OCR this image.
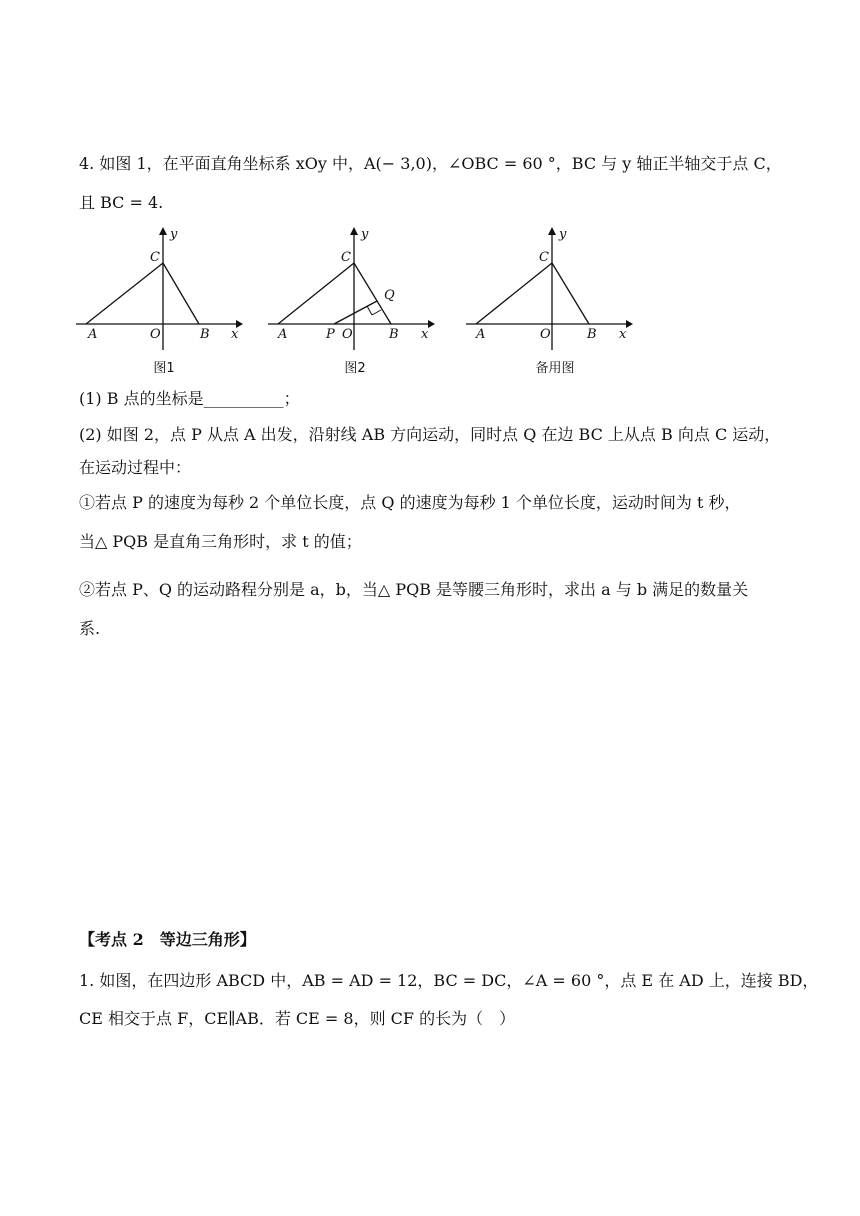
4. 如图 1，在平面直角坐标系 xOy 中，A(− 3,0)，∠OBC = 60 °，BC 与 y 轴正半轴交于点 C，
且 BC = 4.
y
C
A	O	B x
图1
y
C
Q
A	P O	B x
图2
y
C
A	O	B x
备用图
(1) B 点的坐标是__________；
(2) 如图 2，点 P 从点 A 出发，沿射线 AB 方向运动，同时点 Q 在边 BC 上从点 B 向点 C 运动，
在运动过程中：
①若点 P 的速度为每秒 2 个单位长度，点 Q 的速度为每秒 1 个单位长度，运动时间为 t 秒，
当△ PQB 是直角三角形时，求 t 的值；
②若点 P、Q 的运动路程分别是 a，b，当△ PQB 是等腰三角形时，求出 a 与 b 满足的数量关
系.
【考点 2　等边三角形】
1. 如图，在四边形 ABCD 中，AB = AD = 12，BC = DC，∠A = 60 °，点 E 在 AD 上，连接 BD，
CE 相交于点 F，CE∥AB．若 CE = 8，则 CF 的长为（　）
